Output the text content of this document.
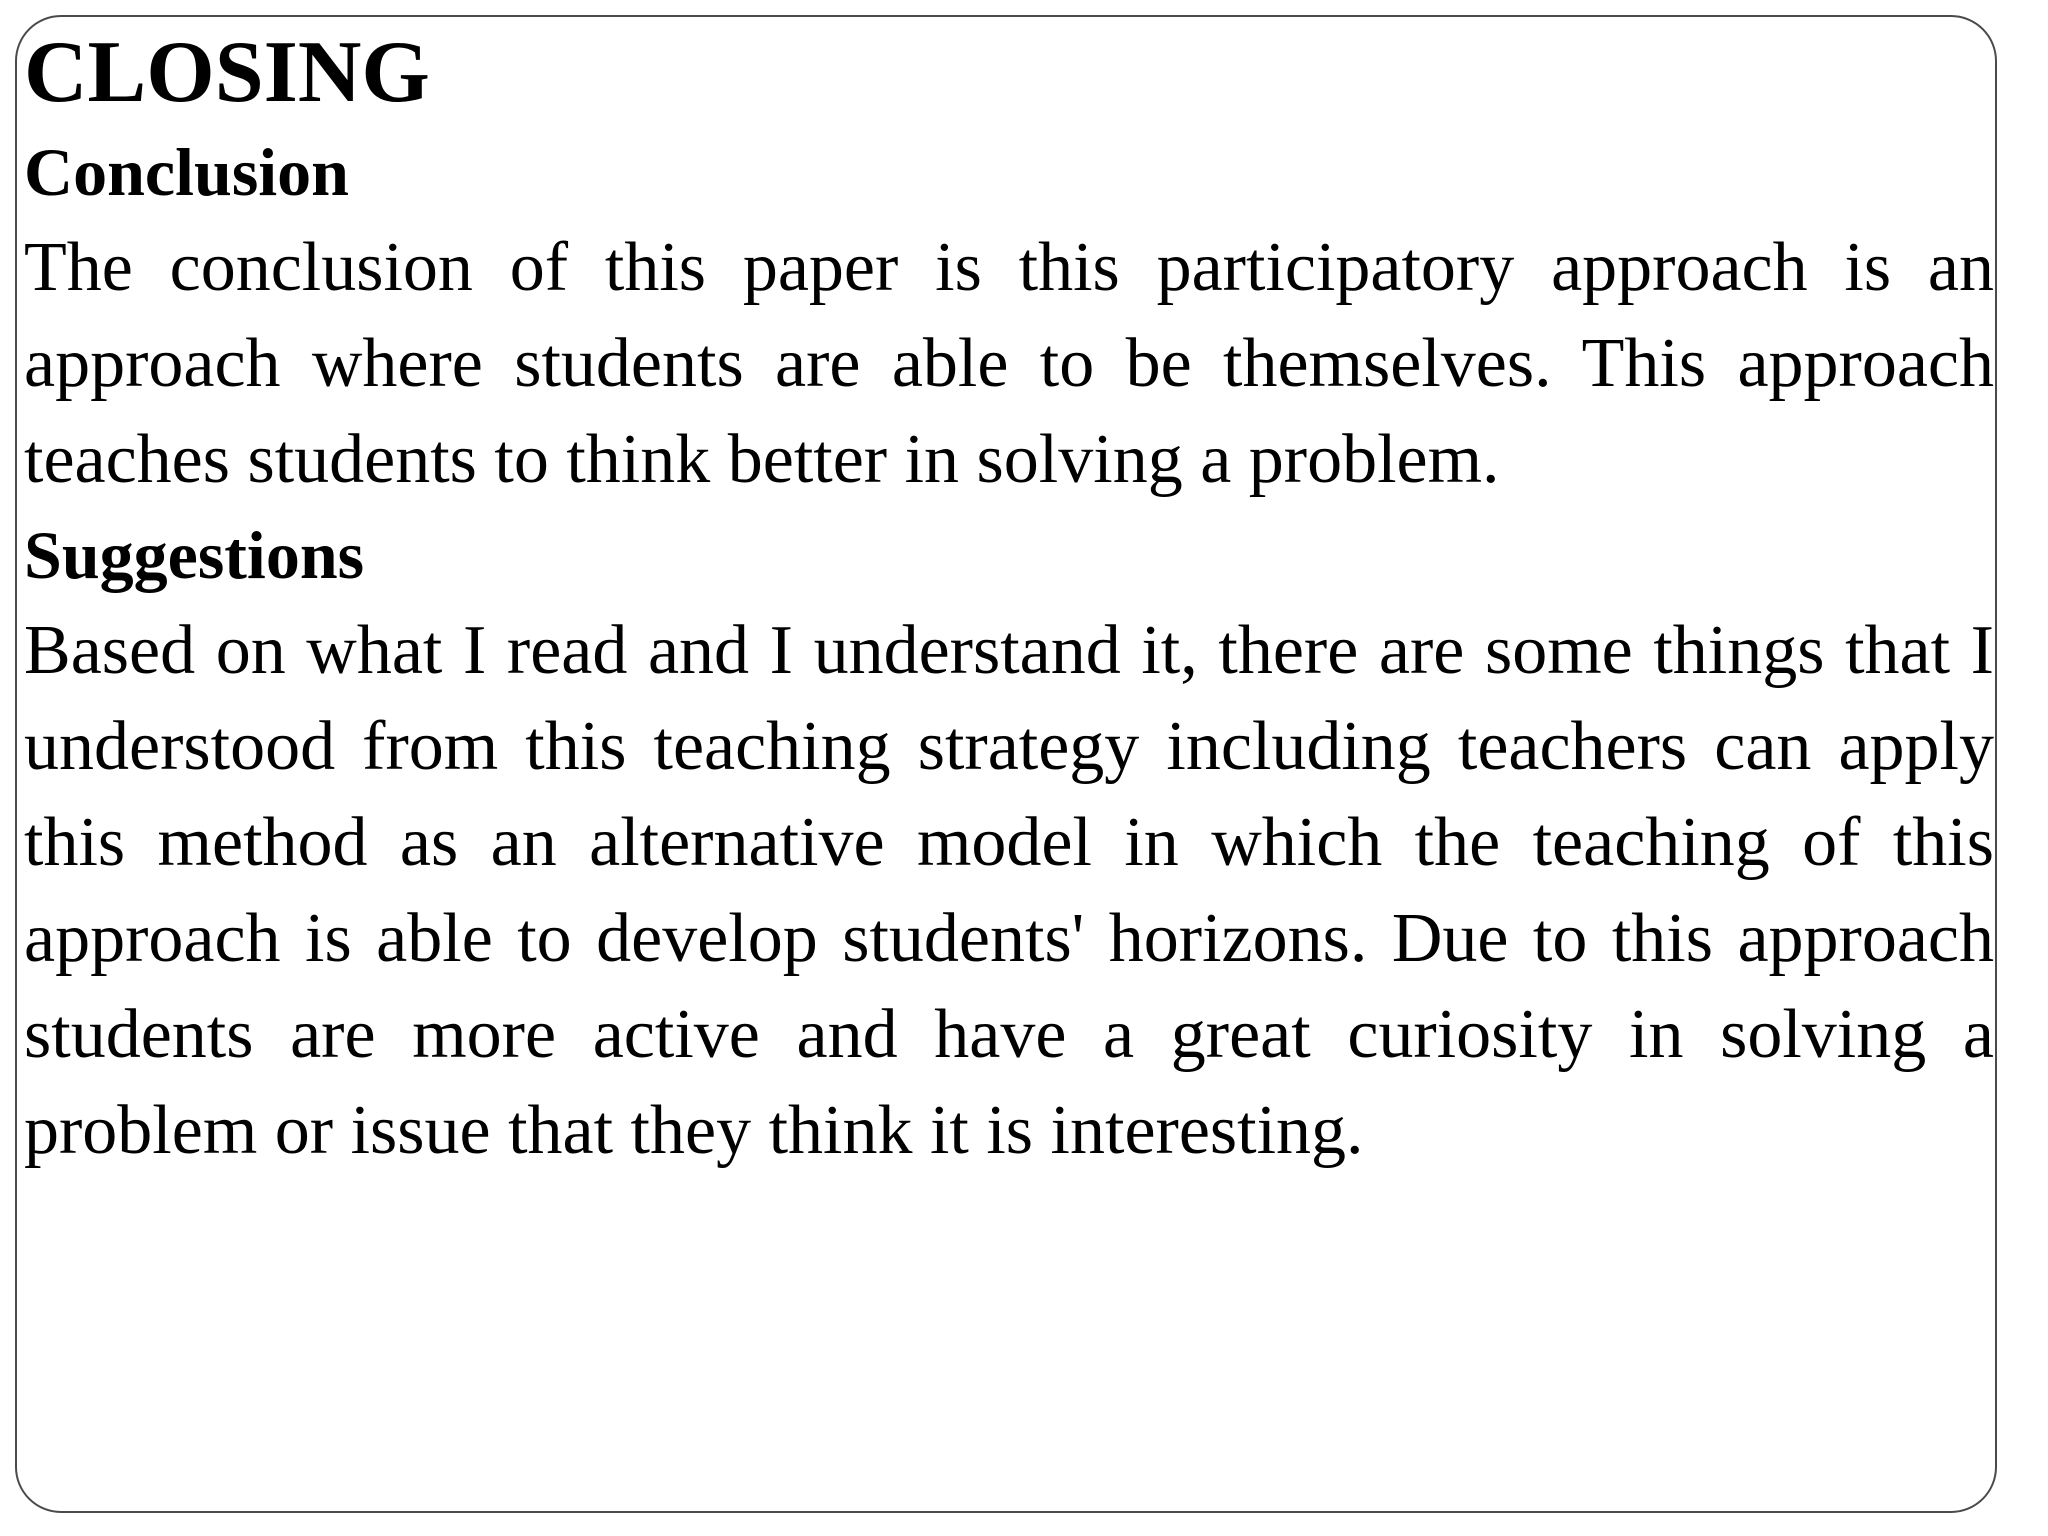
CLOSING
Conclusion

The conclusion of this paper is this participatory approach is an approach where students are able to be themselves. This approach teaches students to think better in solving a problem.

Suggestions

Based on what I read and I understand it, there are some things that I understood from this teaching strategy including teachers can apply this method as an alternative model in which the teaching of this approach is able to develop students' horizons. Due to this approach students are more active and have a great curiosity in solving a problem or issue that they think it is interesting.
